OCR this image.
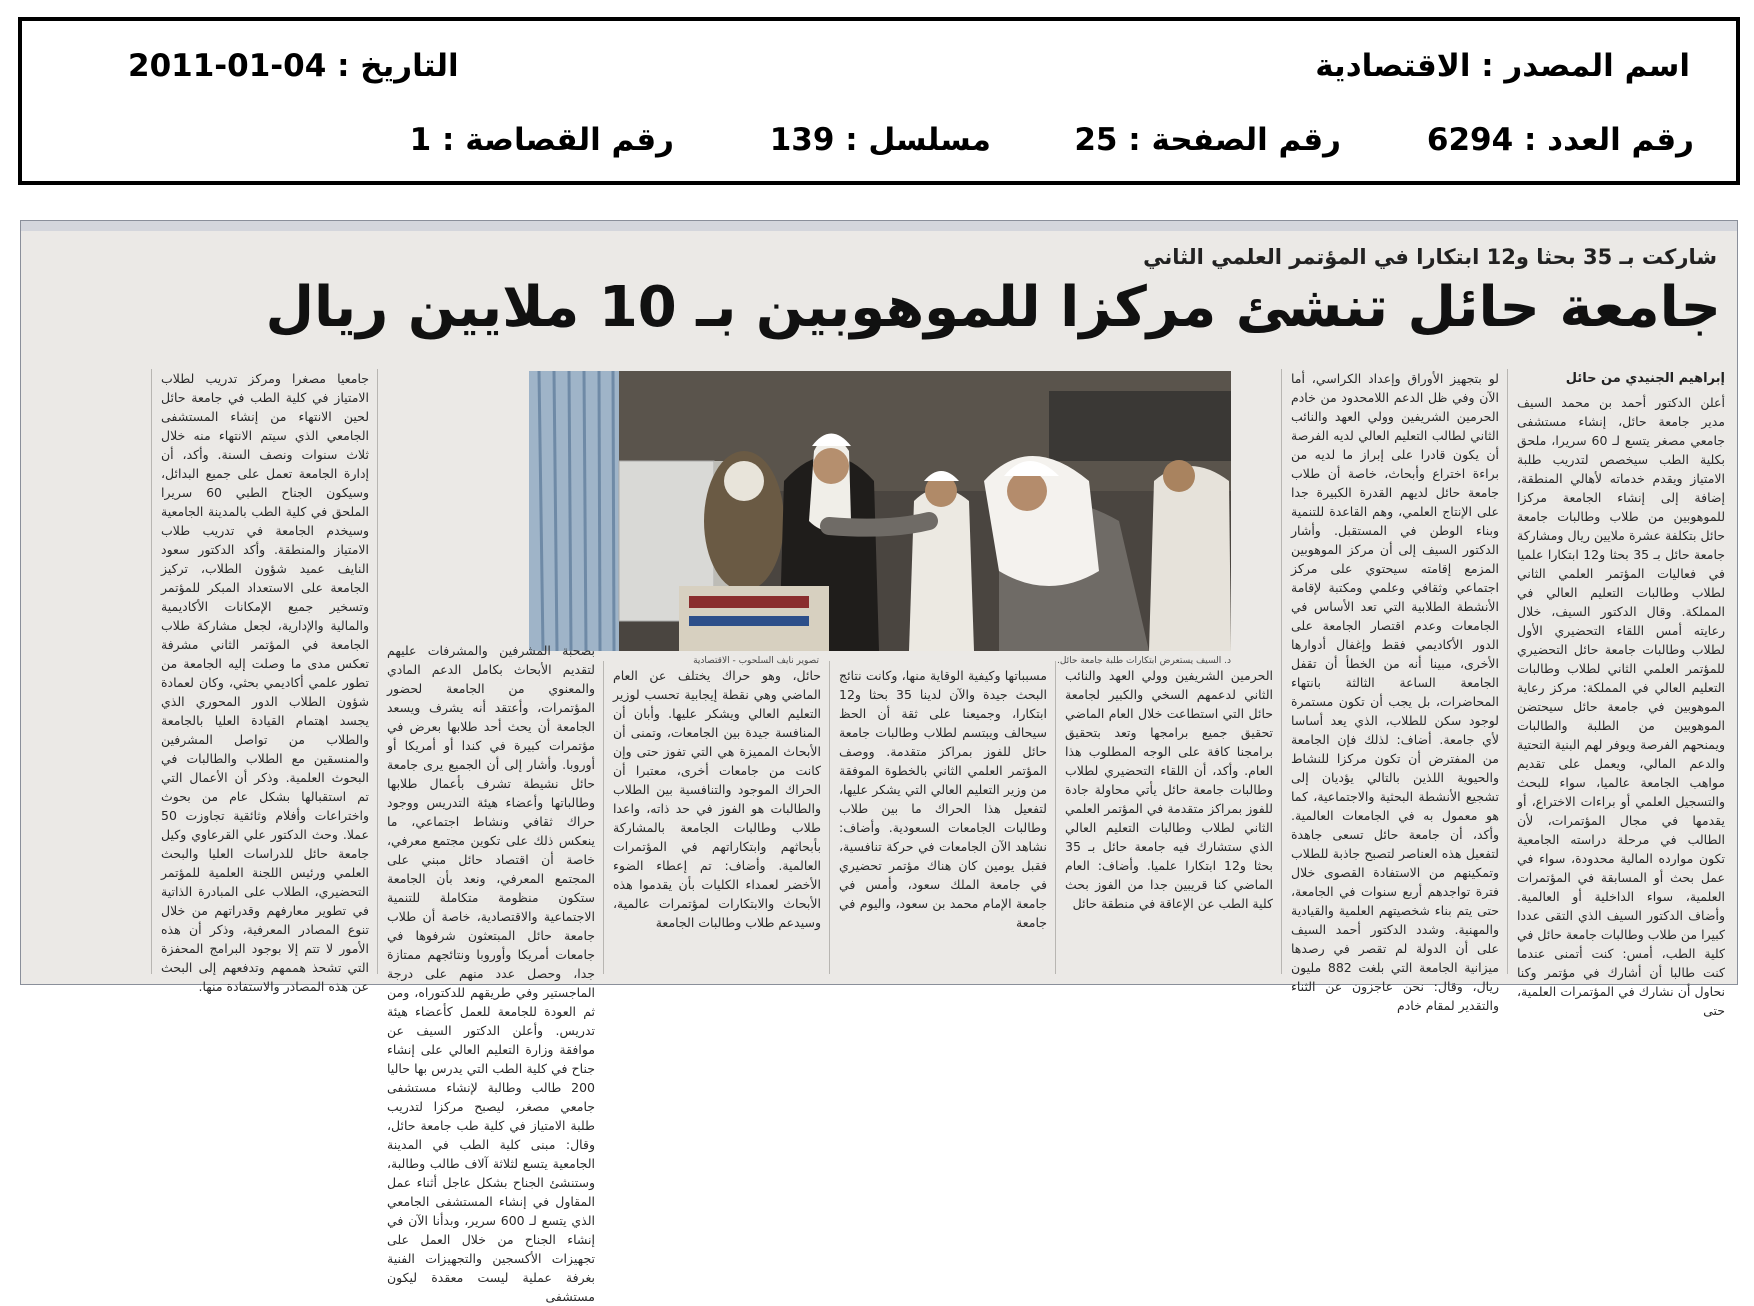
اسم المصدر : الاقتصادية
التاريخ : 04-01-2011
رقم العدد : 6294
رقم الصفحة : 25
مسلسل : 139
رقم القصاصة : 1
شاركت بـ 35 بحثا و12 ابتكارا في المؤتمر العلمي الثاني
جامعة حائل تنشئ مركزا للموهوبين بـ 10 ملايين ريال
إبراهيم الجنيدي من حائل
د. السيف يستعرض ابتكارات طلبة جامعة حائل.
تصوير نايف السلحوب - الاقتصادية

أعلن الدكتور أحمد بن محمد السيف مدير جامعة حائل، إنشاء مستشفى جامعي مصغر يتسع لـ 60 سريرا، ملحق بكلية الطب سيخصص لتدريب طلبة الامتياز ويقدم خدماته لأهالي المنطقة، إضافة إلى إنشاء الجامعة مركزا للموهوبين من طلاب وطالبات جامعة حائل بتكلفة عشرة ملايين ريال ومشاركة جامعة حائل بـ 35 بحثا و12 ابتكارا علميا في فعاليات المؤتمر العلمي الثاني لطلاب وطالبات التعليم العالي في المملكة. وقال الدكتور السيف، خلال رعايته أمس اللقاء التحضيري الأول لطلاب وطالبات جامعة حائل التحضيري للمؤتمر العلمي الثاني لطلاب وطالبات التعليم العالي في المملكة: مركز رعاية الموهوبين في جامعة حائل سيحتضن الموهوبين من الطلبة والطالبات ويمنحهم الفرصة ويوفر لهم البنية التحتية والدعم المالي، ويعمل على تقديم مواهب الجامعة عالميا، سواء للبحث والتسجيل العلمي أو براءات الاختراع، أو يقدمها في مجال المؤتمرات، لأن الطالب في مرحلة دراسته الجامعية تكون موارده المالية محدودة، سواء في عمل بحث أو المسابقة في المؤتمرات العلمية، سواء الداخلية أو العالمية. وأضاف الدكتور السيف الذي التقى عددا كبيرا من طلاب وطالبات جامعة حائل في كلية الطب، أمس: كنت أتمنى عندما كنت طالبا أن أشارك في مؤتمر وكنا نحاول أن نشارك في المؤتمرات العلمية، حتى

لو بتجهيز الأوراق وإعداد الكراسي، أما الآن وفي ظل الدعم اللامحدود من خادم الحرمين الشريفين وولي العهد والنائب الثاني لطالب التعليم العالي لديه الفرصة أن يكون قادرا على إبراز ما لديه من براءة اختراع وأبحاث، خاصة أن طلاب جامعة حائل لديهم القدرة الكبيرة جدا على الإنتاج العلمي، وهم القاعدة للتنمية وبناء الوطن في المستقبل. وأشار الدكتور السيف إلى أن مركز الموهوبين المزمع إقامته سيحتوي على مركز اجتماعي وثقافي وعلمي ومكتبة لإقامة الأنشطة الطلابية التي تعد الأساس في الجامعات وعدم اقتصار الجامعة على الدور الأكاديمي فقط وإغفال أدوارها الأخرى، مبينا أنه من الخطأ أن تقفل الجامعة الساعة الثالثة بانتهاء المحاضرات، بل يجب أن تكون مستمرة لوجود سكن للطلاب، الذي يعد أساسا لأي جامعة. أضاف: لذلك فإن الجامعة من المفترض أن تكون مركزا للنشاط والحيوية اللذين بالتالي يؤديان إلى تشجيع الأنشطة البحثية والاجتماعية، كما هو معمول به في الجامعات العالمية. وأكد، أن جامعة حائل تسعى جاهدة لتفعيل هذه العناصر لتصبح جاذبة للطلاب وتمكينهم من الاستفادة القصوى خلال فترة تواجدهم أربع سنوات في الجامعة، حتى يتم بناء شخصيتهم العلمية والقيادية والمهنية. وشدد الدكتور أحمد السيف على أن الدولة لم تقصر في رصدها ميزانية الجامعة التي بلغت 882 مليون ريال، وقال: نحن عاجزون عن الثناء والتقدير لمقام خادم

الحرمين الشريفين وولي العهد والنائب الثاني لدعمهم السخي والكبير لجامعة حائل التي استطاعت خلال العام الماضي تحقيق جميع برامجها وتعد بتحقيق برامجنا كافة على الوجه المطلوب هذا العام. وأكد، أن اللقاء التحضيري لطلاب وطالبات جامعة حائل يأتي محاولة جادة للفوز بمراكز متقدمة في المؤتمر العلمي الثاني لطلاب وطالبات التعليم العالي الذي ستشارك فيه جامعة حائل بـ 35 بحثا و12 ابتكارا علميا. وأضاف: العام الماضي كنا قريبين جدا من الفوز بحث كلية الطب عن الإعاقة في منطقة حائل

مسبباتها وكيفية الوقاية منها، وكانت نتائج البحث جيدة والآن لدينا 35 بحثا و12 ابتكارا، وجميعنا على ثقة أن الحظ سيحالف ويبتسم لطلاب وطالبات جامعة حائل للفوز بمراكز متقدمة. ووصف المؤتمر العلمي الثاني بالخطوة الموفقة من وزير التعليم العالي التي يشكر عليها، لتفعيل هذا الحراك ما بين طلاب وطالبات الجامعات السعودية. وأضاف: نشاهد الآن الجامعات في حركة تنافسية، فقبل يومين كان هناك مؤتمر تحضيري في جامعة الملك سعود، وأمس في جامعة الإمام محمد بن سعود، واليوم في جامعة

حائل، وهو حراك يختلف عن العام الماضي وهي نقطة إيجابية تحسب لوزير التعليم العالي ويشكر عليها. وأبان أن المنافسة جيدة بين الجامعات، وتمنى أن الأبحاث المميزة هي التي تفوز حتى وإن كانت من جامعات أخرى، معتبرا أن الحراك الموجود والتنافسية بين الطلاب والطالبات هو الفوز في حد ذاته، واعدا طلاب وطالبات الجامعة بالمشاركة بأبحاثهم وابتكاراتهم في المؤتمرات العالمية. وأضاف: تم إعطاء الضوء الأخضر لعمداء الكليات بأن يقدموا هذه الأبحاث والابتكارات لمؤتمرات عالمية، وسيدعم طلاب وطالبات الجامعة

بصحبة المشرفين والمشرفات عليهم لتقديم الأبحاث بكامل الدعم المادي والمعنوي من الجامعة لحضور المؤتمرات، وأعتقد أنه يشرف ويسعد الجامعة أن يحث أحد طلابها بعرض في مؤتمرات كبيرة في كندا أو أمريكا أو أوروبا. وأشار إلى أن الجميع يرى جامعة حائل نشيطة تشرف بأعمال طلابها وطالباتها وأعضاء هيئة التدريس ووجود حراك ثقافي ونشاط اجتماعي، ما ينعكس ذلك على تكوين مجتمع معرفي، خاصة أن اقتصاد حائل مبني على المجتمع المعرفي، ونعد بأن الجامعة ستكون منظومة متكاملة للتنمية الاجتماعية والاقتصادية، خاصة أن طلاب جامعة حائل المبتعثون شرفوها في جامعات أمريكا وأوروبا ونتائجهم ممتازة جدا، وحصل عدد منهم على درجة الماجستير وفي طريقهم للدكتوراه، ومن ثم العودة للجامعة للعمل كأعضاء هيئة تدريس. وأعلن الدكتور السيف عن موافقة وزارة التعليم العالي على إنشاء جناح في كلية الطب التي يدرس بها حاليا 200 طالب وطالبة لإنشاء مستشفى جامعي مصغر، ليصبح مركزا لتدريب طلبة الامتياز في كلية طب جامعة حائل، وقال: مبنى كلية الطب في المدينة الجامعية يتسع لثلاثة آلاف طالب وطالبة، وستنشئ الجناح بشكل عاجل أثناء عمل المقاول في إنشاء المستشفى الجامعي الذي يتسع لـ 600 سرير، وبدأنا الآن في إنشاء الجناح من خلال العمل على تجهيزات الأكسجين والتجهيزات الفنية بغرفة عملية ليست معقدة ليكون مستشفى

جامعيا مصغرا ومركز تدريب لطلاب الامتياز في كلية الطب في جامعة حائل لحين الانتهاء من إنشاء المستشفى الجامعي الذي سيتم الانتهاء منه خلال ثلاث سنوات ونصف السنة. وأكد، أن إدارة الجامعة تعمل على جميع البدائل، وسيكون الجناح الطبي 60 سريرا الملحق في كلية الطب بالمدينة الجامعية وسيخدم الجامعة في تدريب طلاب الامتياز والمنطقة. وأكد الدكتور سعود النايف عميد شؤون الطلاب، تركيز الجامعة على الاستعداد المبكر للمؤتمر وتسخير جميع الإمكانات الأكاديمية والمالية والإدارية، لجعل مشاركة طلاب الجامعة في المؤتمر الثاني مشرفة تعكس مدى ما وصلت إليه الجامعة من تطور علمي أكاديمي بحثي، وكان لعمادة شؤون الطلاب الدور المحوري الذي يجسد اهتمام القيادة العليا بالجامعة والطلاب من تواصل المشرفين والمنسقين مع الطلاب والطالبات في البحوث العلمية. وذكر أن الأعمال التي تم استقبالها بشكل عام من بحوث واختراعات وأفلام وثائقية تجاوزت 50 عملا. وحث الدكتور علي القرعاوي وكيل جامعة حائل للدراسات العليا والبحث العلمي ورئيس اللجنة العلمية للمؤتمر التحضيري، الطلاب على المبادرة الذاتية في تطوير معارفهم وقدراتهم من خلال تنوع المصادر المعرفية، وذكر أن هذه الأمور لا تتم إلا بوجود البرامج المحفزة التي تشحذ هممهم وتدفعهم إلى البحث عن هذه المصادر والاستفادة منها.
